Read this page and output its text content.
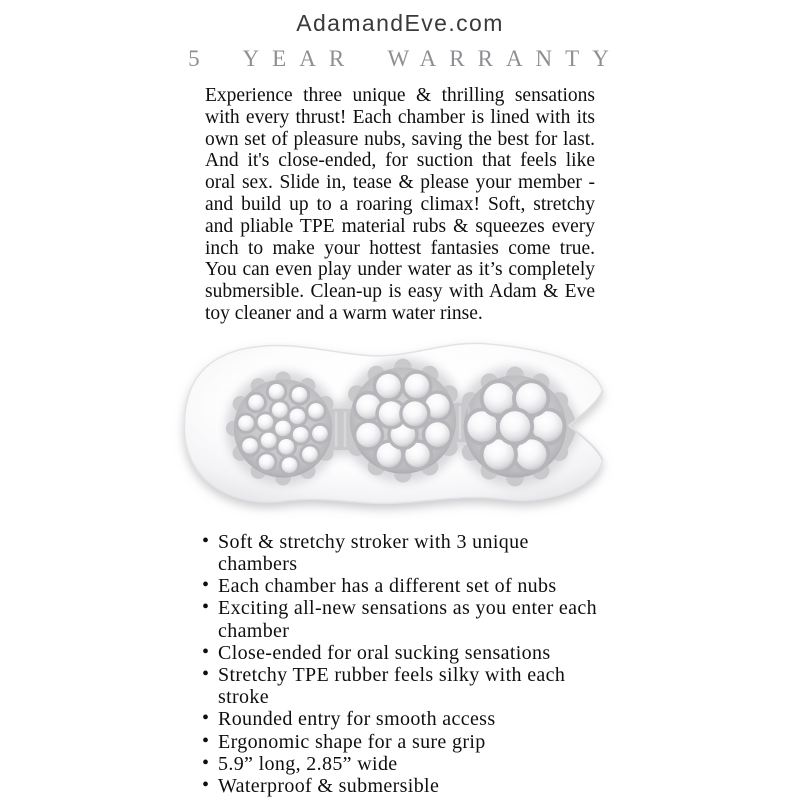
AdamandEve.com
5 YEAR WARRANTY

Experience three unique & thrilling sensations with every thrust! Each chamber is lined with its own set of pleasure nubs, saving the best for last. And it's close-ended, for suction that feels like oral sex. Slide in, tease & please your member - and build up to a roaring climax! Soft, stretchy and pliable TPE material rubs & squeezes every inch to make your hottest fantasies come true. You can even play under water as it’s completely submersible. Clean-up is easy with Adam & Eve toy cleaner and a warm water rinse.

• Soft & stretchy stroker with 3 unique chambers
• Each chamber has a different set of nubs
• Exciting all-new sensations as you enter each chamber
• Close-ended for oral sucking sensations
• Stretchy TPE rubber feels silky with each stroke
• Rounded entry for smooth access
• Ergonomic shape for a sure grip
• 5.9” long, 2.85” wide
• Waterproof & submersible
